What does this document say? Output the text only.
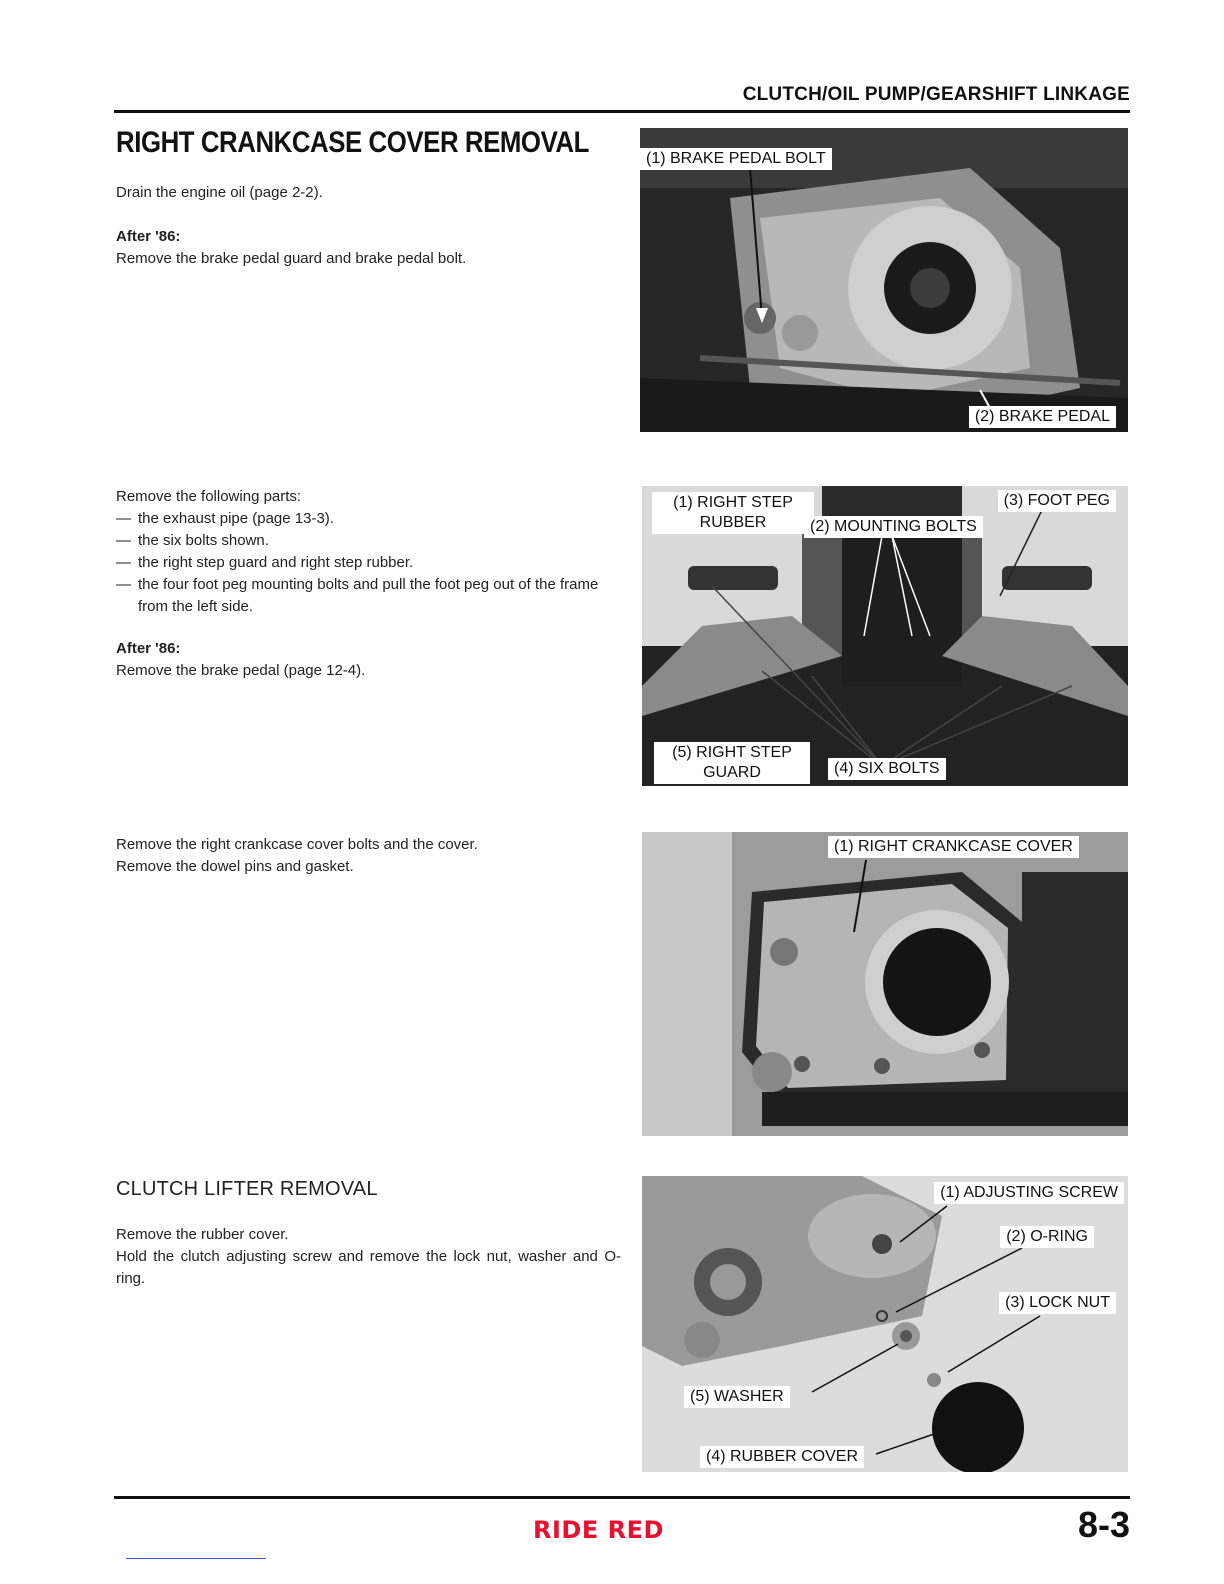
CLUTCH/OIL PUMP/GEARSHIFT LINKAGE
RIGHT CRANKCASE COVER REMOVAL
Drain the engine oil (page 2-2).
After '86:
Remove the brake pedal guard and brake pedal bolt.
Remove the following parts:
— the exhaust pipe (page 13-3).
— the six bolts shown.
— the right step guard and right step rubber.
— the four foot peg mounting bolts and pull the foot peg out of the frame from the left side.
After '86:
Remove the brake pedal (page 12-4).
Remove the right crankcase cover bolts and the cover.
Remove the dowel pins and gasket.
CLUTCH LIFTER REMOVAL
Remove the rubber cover.
Hold the clutch adjusting screw and remove the lock nut, washer and O-ring.
(1) BRAKE PEDAL BOLT
(2) BRAKE PEDAL
(1) RIGHT STEP RUBBER	(2) MOUNTING BOLTS
(3) FOOT PEG
(4) SIX BOLTS
(5) RIGHT STEP GUARD
(1) RIGHT CRANKCASE COVER
(1) ADJUSTING SCREW
(2) O-RING
(3) LOCK NUT
(4) RUBBER COVER
(5) WASHER
RIDE RED	8-3
